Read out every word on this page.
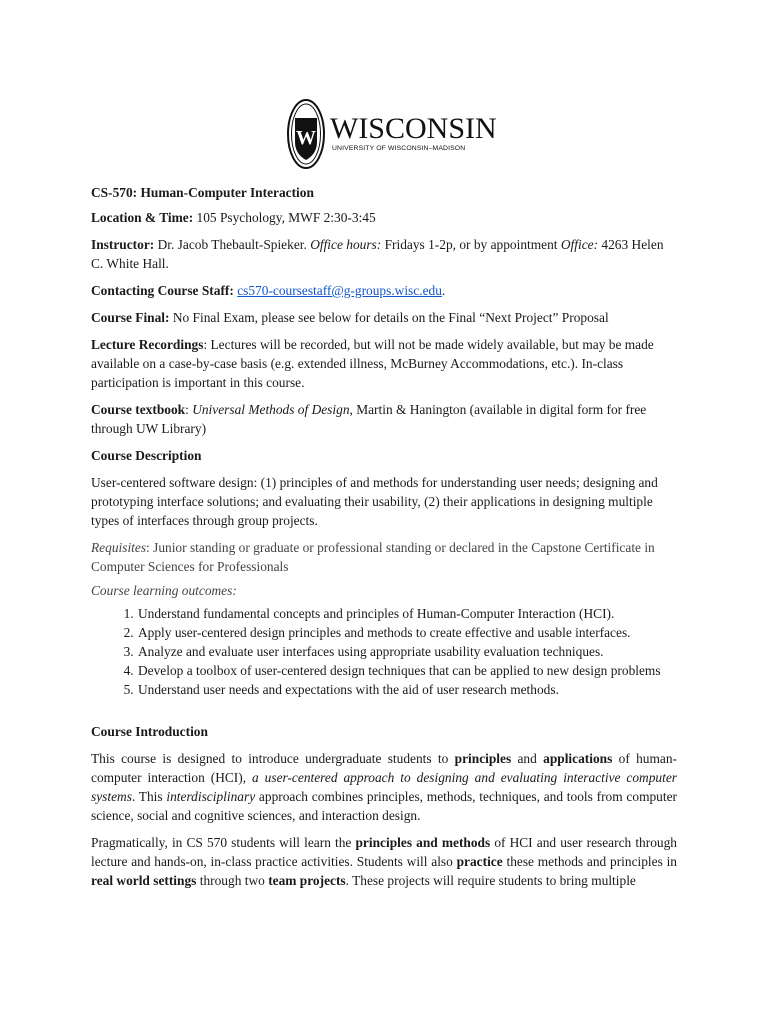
W WISCONSIN
UNIVERSITY OF WISCONSIN–MADISON

CS-570: Human-Computer Interaction

Location & Time: 105 Psychology, MWF 2:30-3:45

Instructor: Dr. Jacob Thebault-Spieker. Office hours: Fridays 1-2p, or by appointment Office: 4263 Helen C. White Hall.

Contacting Course Staff: cs570-coursestaff@g-groups.wisc.edu.

Course Final: No Final Exam, please see below for details on the Final “Next Project” Proposal

Lecture Recordings: Lectures will be recorded, but will not be made widely available, but may be made available on a case-by-case basis (e.g. extended illness, McBurney Accommodations, etc.). In-class participation is important in this course.

Course textbook: Universal Methods of Design, Martin & Hanington (available in digital form for free through UW Library)

Course Description

User-centered software design: (1) principles of and methods for understanding user needs; designing and prototyping interface solutions; and evaluating their usability, (2) their applications in designing multiple types of interfaces through group projects.

Requisites: Junior standing or graduate or professional standing or declared in the Capstone Certificate in Computer Sciences for Professionals

Course learning outcomes:

1. Understand fundamental concepts and principles of Human-Computer Interaction (HCI).
2. Apply user-centered design principles and methods to create effective and usable interfaces.
3. Analyze and evaluate user interfaces using appropriate usability evaluation techniques.
4. Develop a toolbox of user-centered design techniques that can be applied to new design problems
5. Understand user needs and expectations with the aid of user research methods.

Course Introduction

This course is designed to introduce undergraduate students to principles and applications of human-computer interaction (HCI), a user-centered approach to designing and evaluating interactive computer systems. This interdisciplinary approach combines principles, methods, techniques, and tools from computer science, social and cognitive sciences, and interaction design.

Pragmatically, in CS 570 students will learn the principles and methods of HCI and user research through lecture and hands-on, in-class practice activities. Students will also practice these methods and principles in real world settings through two team projects. These projects will require students to bring multiple
